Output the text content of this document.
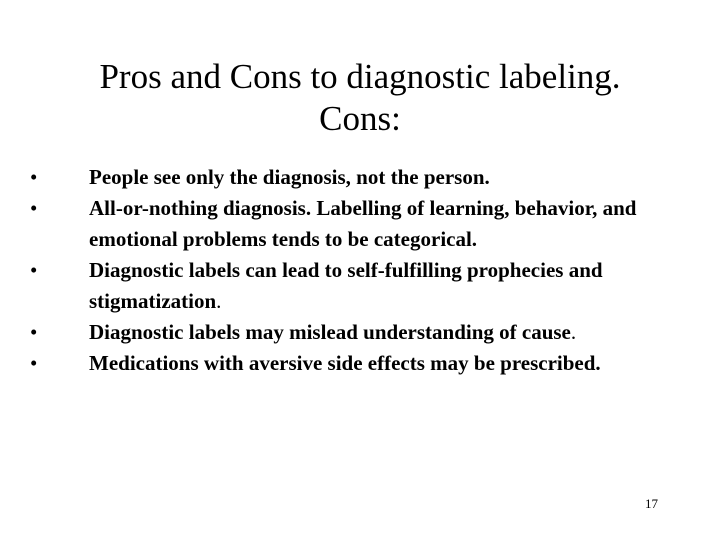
Pros and Cons to diagnostic labeling.
Cons:
•	People see only the diagnosis, not the person.
•	All-or-nothing diagnosis. Labelling of learning, behavior, and emotional problems tends to be categorical.
•	Diagnostic labels can lead to self-fulfilling prophecies and stigmatization.
•	Diagnostic labels may mislead understanding of cause.
•	Medications with aversive side effects may be prescribed.
17
